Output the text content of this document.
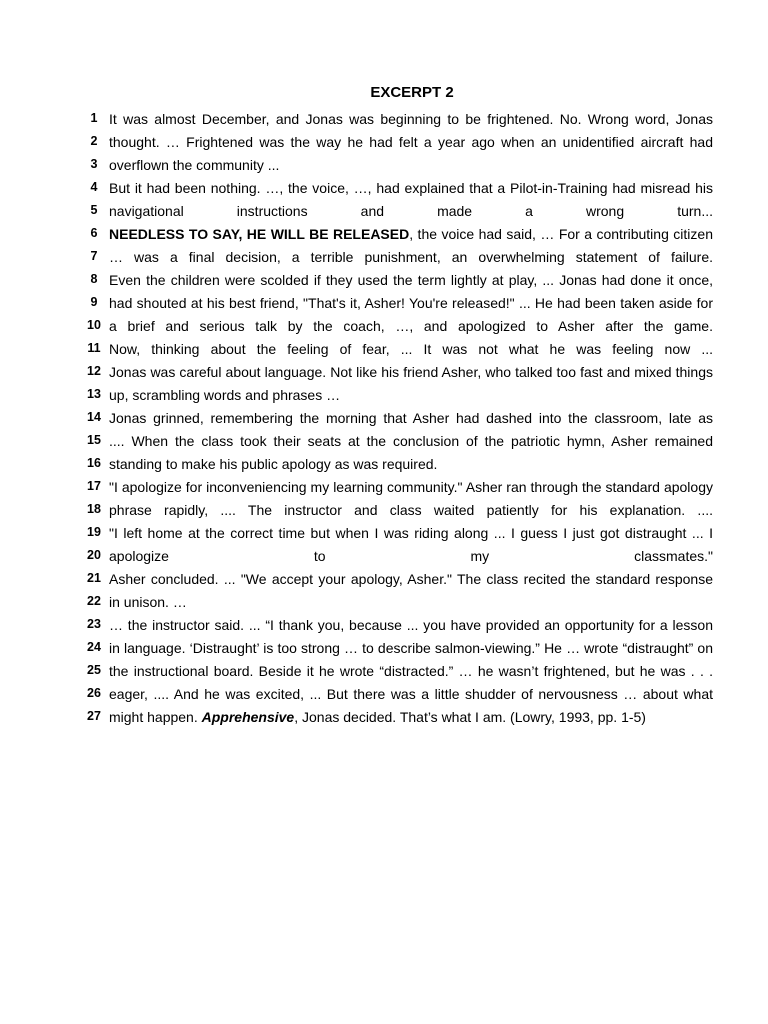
EXCERPT 2
1 It was almost December, and Jonas was beginning to be frightened. No. Wrong word, Jonas
2 thought. … Frightened was the way he had felt a year ago when an unidentified aircraft had
3 overflown the community ...
4 But it had been nothing. …, the voice, …, had explained that a Pilot-in-Training had misread his
5 navigational instructions and made a wrong turn...
6 NEEDLESS TO SAY, HE WILL BE RELEASED, the voice had said, … For a contributing citizen
7 … was a final decision, a terrible punishment, an overwhelming statement of failure.
8 Even the children were scolded if they used the term lightly at play, ... Jonas had done it once,
9 had shouted at his best friend, "That's it, Asher! You're released!" ... He had been taken aside for
10 a brief and serious talk by the coach, …, and apologized to Asher after the game.
11 Now, thinking about the feeling of fear, ... It was not what he was feeling now ...
12 Jonas was careful about language. Not like his friend Asher, who talked too fast and mixed things
13 up, scrambling words and phrases …
14 Jonas grinned, remembering the morning that Asher had dashed into the classroom, late as
15 .... When the class took their seats at the conclusion of the patriotic hymn, Asher remained
16 standing to make his public apology as was required.
17 "I apologize for inconveniencing my learning community." Asher ran through the standard apology
18 phrase rapidly, .... The instructor and class waited patiently for his explanation. ....
19 "I left home at the correct time but when I was riding along ... I guess I just got distraught ... I
20 apologize to my classmates."
21 Asher concluded. ... "We accept your apology, Asher." The class recited the standard response
22 in unison. …
23 … the instructor said. ... “I thank you, because ... you have provided an opportunity for a lesson
24 in language. ‘Distraught’ is too strong … to describe salmon-viewing.” He … wrote “distraught” on
25 the instructional board. Beside it he wrote “distracted.” … he wasn’t frightened, but he was . . .
26 eager, .... And he was excited, ... But there was a little shudder of nervousness … about what
27 might happen. Apprehensive, Jonas decided. That’s what I am. (Lowry, 1993, pp. 1-5)
